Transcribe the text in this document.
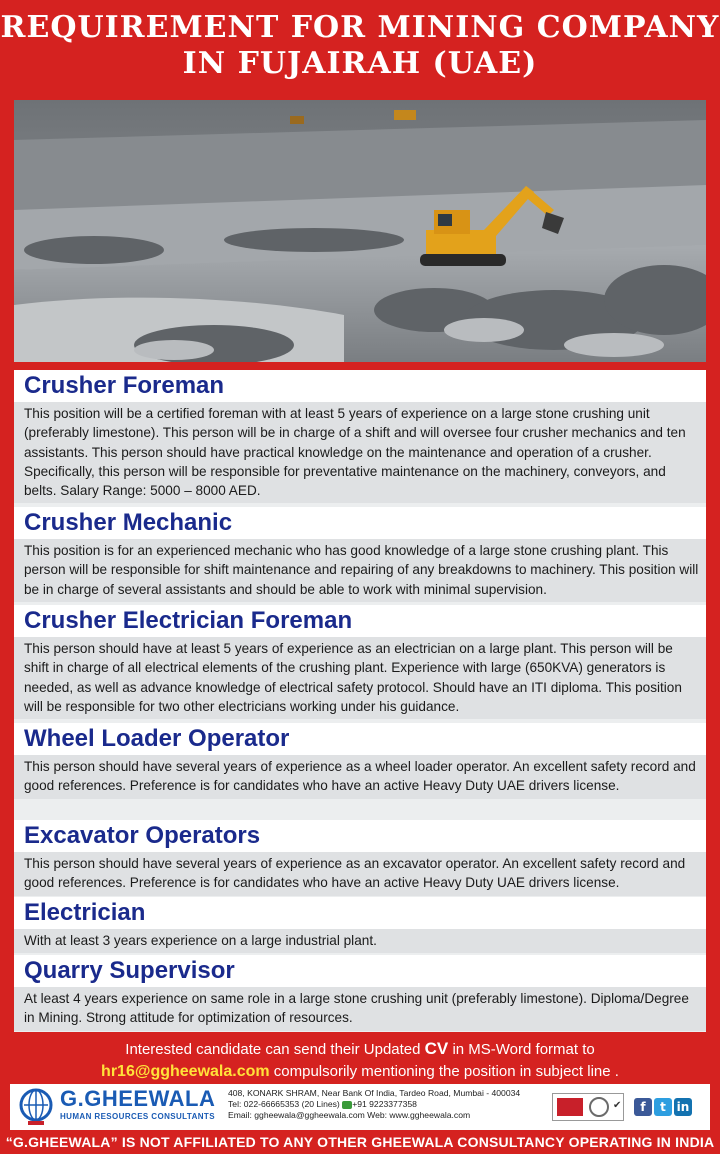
REQUIREMENT FOR MINING COMPANY
IN FUJAIRAH (UAE)
Crusher Foreman
This position will be a certified foreman with at least 5 years of experience on a large stone crushing unit (preferably limestone). This person will be in charge of a shift and will oversee four crusher mechanics and ten assistants. This person should have practical knowledge on the maintenance and operation of a crusher. Specifically, this person will be responsible for preventative maintenance on the machinery, conveyors, and belts. Salary Range: 5000 – 8000 AED.
Crusher Mechanic
This position is for an experienced mechanic who has good knowledge of a large stone crushing plant. This person will be responsible for shift maintenance and repairing of any breakdowns to machinery. This position will be in charge of several assistants and should be able to work with minimal supervision.
Crusher Electrician Foreman
This person should have at least 5 years of experience as an electrician on a large plant. This person will be shift in charge of all electrical elements of the crushing plant. Experience with large (650KVA) generators is needed, as well as advance knowledge of electrical safety protocol. Should have an ITI diploma. This position will be responsible for two other electricians working under his guidance.
Wheel Loader Operator
This person should have several years of experience as a wheel loader operator. An excellent safety record and good references. Preference is for candidates who have an active Heavy Duty UAE drivers license.
Excavator Operators
This person should have several years of experience as an excavator operator. An excellent safety record and good references. Preference is for candidates who have an active Heavy Duty UAE drivers license.
Electrician
With at least 3 years experience on a large industrial plant.
Quarry Supervisor
At least 4 years experience on same role in a large stone crushing unit (preferably limestone). Diploma/Degree in Mining. Strong attitude for optimization of resources.
Interested candidate can send their Updated CV in MS-Word format to
hr16@ggheewala.com compulsorily mentioning the position in subject line .
G.GHEEWALA
HUMAN RESOURCES CONSULTANTS
408, KONARK SHRAM, Near Bank Of India, Tardeo Road, Mumbai - 400034
Tel: 022-66665353 (20 Lines) +91 9223377358
Email: ggheewala@ggheewala.com Web: www.ggheewala.com
✔	f t in
“G.GHEEWALA” IS NOT AFFILIATED TO ANY OTHER GHEEWALA CONSULTANCY OPERATING IN INDIA
